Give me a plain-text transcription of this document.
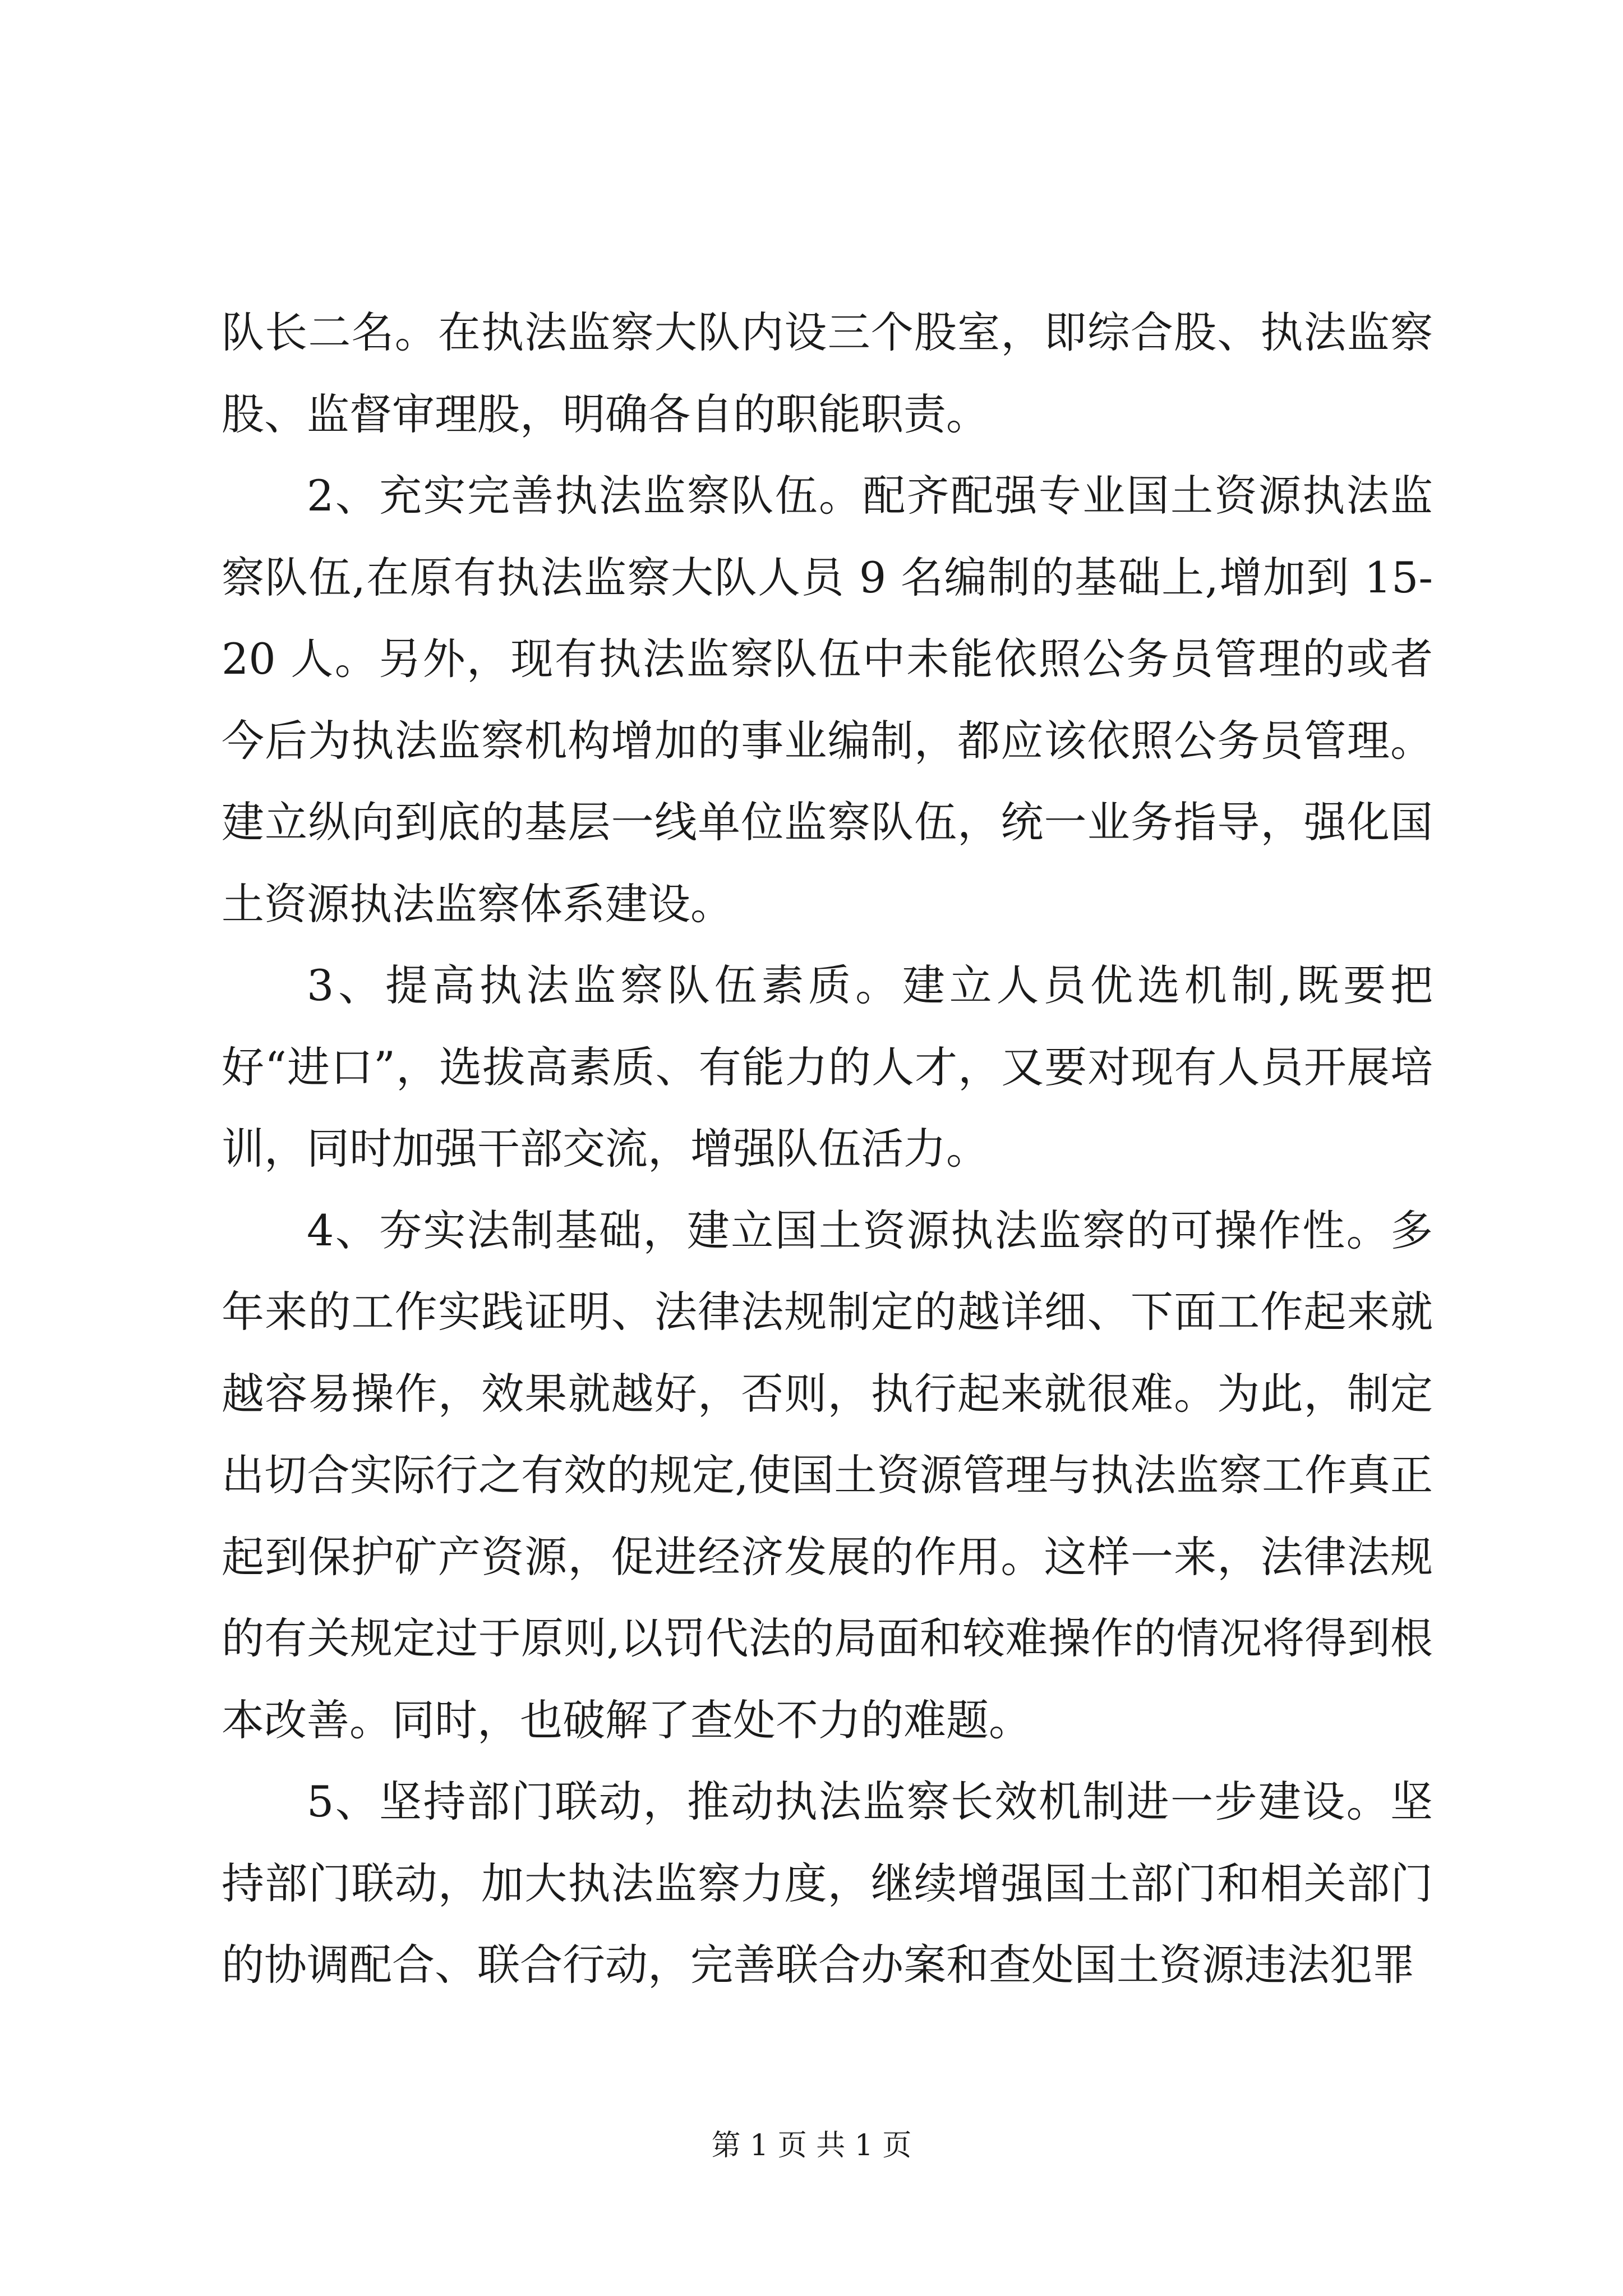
队长二名。在执法监察大队内设三个股室，即综合股、执法监察股、监督审理股，明确各自的职能职责。

2、充实完善执法监察队伍。配齐配强专业国土资源执法监察队伍,在原有执法监察大队人员 9 名编制的基础上,增加到 15-20 人。另外，现有执法监察队伍中未能依照公务员管理的或者今后为执法监察机构增加的事业编制，都应该依照公务员管理。建立纵向到底的基层一线单位监察队伍，统一业务指导，强化国土资源执法监察体系建设。

3、提高执法监察队伍素质。建立人员优选机制,既要把好“进口”，选拔高素质、有能力的人才，又要对现有人员开展培训，同时加强干部交流，增强队伍活力。

4、夯实法制基础，建立国土资源执法监察的可操作性。多年来的工作实践证明、法律法规制定的越详细、下面工作起来就越容易操作，效果就越好，否则，执行起来就很难。为此，制定出切合实际行之有效的规定,使国土资源管理与执法监察工作真正起到保护矿产资源，促进经济发展的作用。这样一来，法律法规的有关规定过于原则,以罚代法的局面和较难操作的情况将得到根本改善。同时，也破解了查处不力的难题。

5、坚持部门联动，推动执法监察长效机制进一步建设。坚持部门联动，加大执法监察力度，继续增强国土部门和相关部门的协调配合、联合行动，完善联合办案和查处国土资源违法犯罪

第 1 页 共 1 页
